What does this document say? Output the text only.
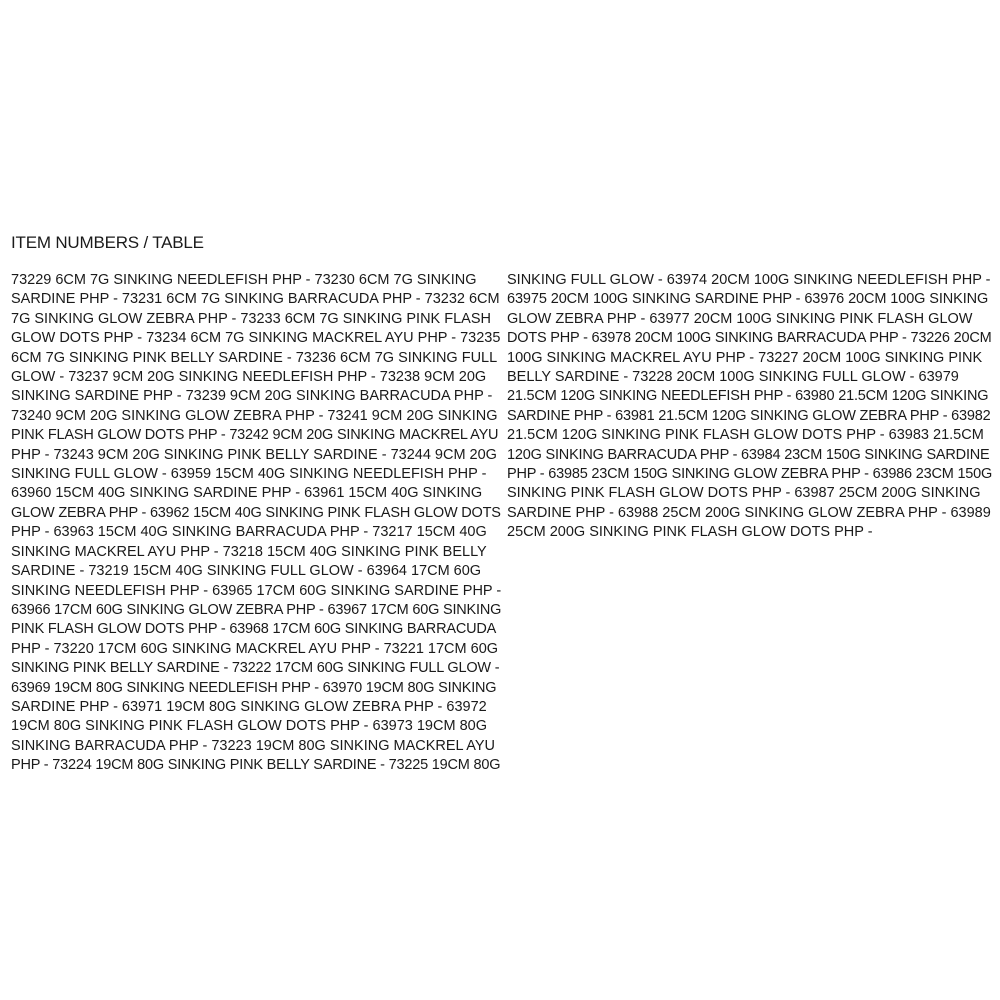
ITEM NUMBERS / TABLE
73229 6CM 7G SINKING NEEDLEFISH PHP - 73230 6CM 7G SINKING
SARDINE PHP - 73231 6CM 7G SINKING BARRACUDA PHP - 73232 6CM
7G SINKING GLOW ZEBRA PHP - 73233 6CM 7G SINKING PINK FLASH
GLOW DOTS PHP - 73234 6CM 7G SINKING MACKREL AYU PHP - 73235
6CM 7G SINKING PINK BELLY SARDINE - 73236 6CM 7G SINKING FULL
GLOW - 73237 9CM 20G SINKING NEEDLEFISH PHP - 73238 9CM 20G
SINKING SARDINE PHP - 73239 9CM 20G SINKING BARRACUDA PHP -
73240 9CM 20G SINKING GLOW ZEBRA PHP - 73241 9CM 20G SINKING
PINK FLASH GLOW DOTS PHP - 73242 9CM 20G SINKING MACKREL AYU
PHP - 73243 9CM 20G SINKING PINK BELLY SARDINE - 73244 9CM 20G
SINKING FULL GLOW - 63959 15CM 40G SINKING NEEDLEFISH PHP -
63960 15CM 40G SINKING SARDINE PHP - 63961 15CM 40G SINKING
GLOW ZEBRA PHP - 63962 15CM 40G SINKING PINK FLASH GLOW DOTS
PHP - 63963 15CM 40G SINKING BARRACUDA PHP - 73217 15CM 40G
SINKING MACKREL AYU PHP - 73218 15CM 40G SINKING PINK BELLY
SARDINE - 73219 15CM 40G SINKING FULL GLOW - 63964 17CM 60G
SINKING NEEDLEFISH PHP - 63965 17CM 60G SINKING SARDINE PHP -
63966 17CM 60G SINKING GLOW ZEBRA PHP - 63967 17CM 60G SINKING
PINK FLASH GLOW DOTS PHP - 63968 17CM 60G SINKING BARRACUDA
PHP - 73220 17CM 60G SINKING MACKREL AYU PHP - 73221 17CM 60G
SINKING PINK BELLY SARDINE - 73222 17CM 60G SINKING FULL GLOW -
63969 19CM 80G SINKING NEEDLEFISH PHP - 63970 19CM 80G SINKING
SARDINE PHP - 63971 19CM 80G SINKING GLOW ZEBRA PHP - 63972
19CM 80G SINKING PINK FLASH GLOW DOTS PHP - 63973 19CM 80G
SINKING BARRACUDA PHP - 73223 19CM 80G SINKING MACKREL AYU
PHP - 73224 19CM 80G SINKING PINK BELLY SARDINE - 73225 19CM 80G
SINKING FULL GLOW - 63974 20CM 100G SINKING NEEDLEFISH PHP -
63975 20CM 100G SINKING SARDINE PHP - 63976 20CM 100G SINKING
GLOW ZEBRA PHP - 63977 20CM 100G SINKING PINK FLASH GLOW
DOTS PHP - 63978 20CM 100G SINKING BARRACUDA PHP - 73226 20CM
100G SINKING MACKREL AYU PHP - 73227 20CM 100G SINKING PINK
BELLY SARDINE - 73228 20CM 100G SINKING FULL GLOW - 63979
21.5CM 120G SINKING NEEDLEFISH PHP - 63980 21.5CM 120G SINKING
SARDINE PHP - 63981 21.5CM 120G SINKING GLOW ZEBRA PHP - 63982
21.5CM 120G SINKING PINK FLASH GLOW DOTS PHP - 63983 21.5CM
120G SINKING BARRACUDA PHP - 63984 23CM 150G SINKING SARDINE
PHP - 63985 23CM 150G SINKING GLOW ZEBRA PHP - 63986 23CM 150G
SINKING PINK FLASH GLOW DOTS PHP - 63987 25CM 200G SINKING
SARDINE PHP - 63988 25CM 200G SINKING GLOW ZEBRA PHP - 63989
25CM 200G SINKING PINK FLASH GLOW DOTS PHP -
